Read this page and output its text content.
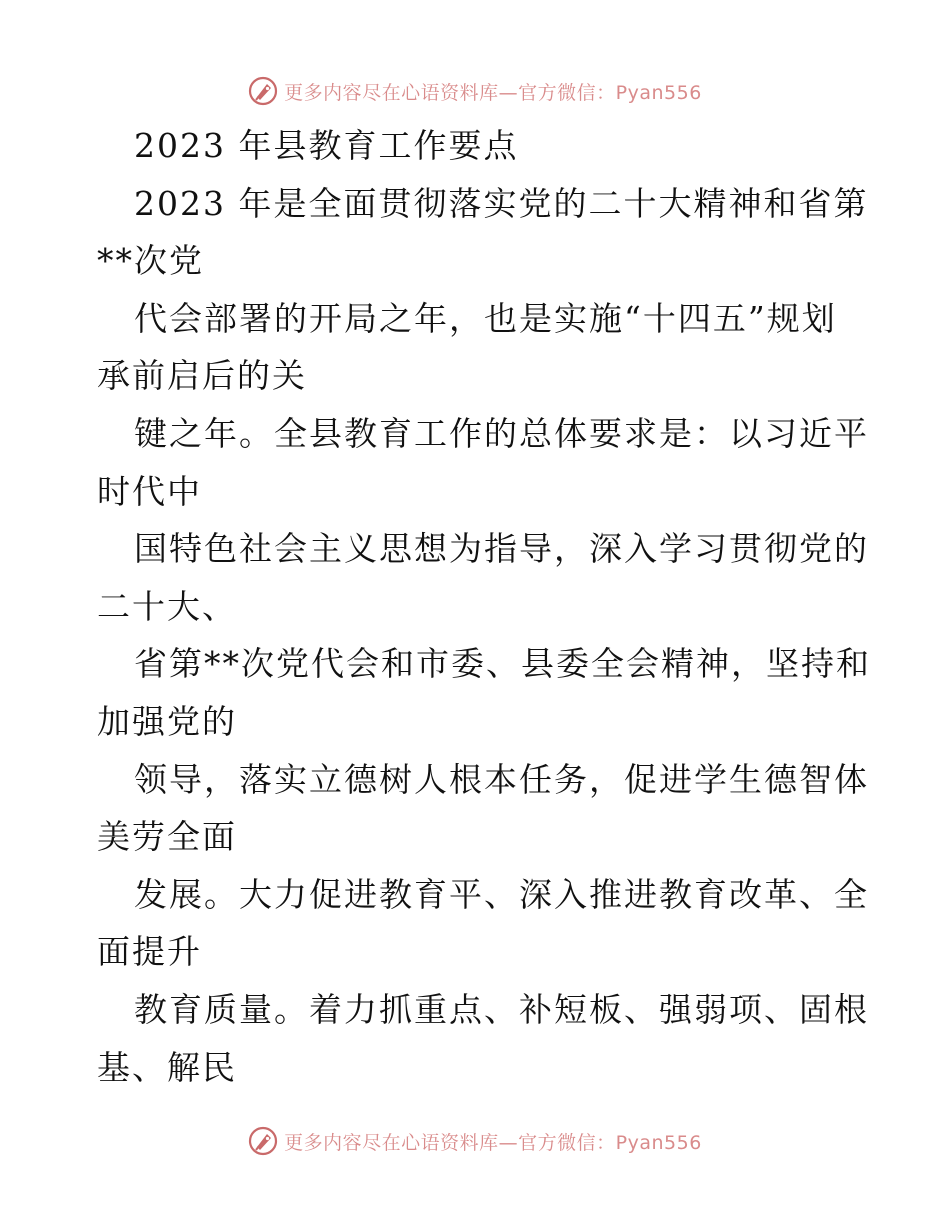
更多内容尽在心语资料库—官方微信：Pyan556
2023 年县教育工作要点
2023 年是全面贯彻落实党的二十大精神和省第
**次党
代会部署的开局之年，也是实施“十四五”规划
承前启后的关
键之年。全县教育工作的总体要求是：以习近平
时代中
国特色社会主义思想为指导，深入学习贯彻党的
二十大、
省第**次党代会和市委、县委全会精神，坚持和
加强党的
领导，落实立德树人根本任务，促进学生德智体
美劳全面
发展。大力促进教育平、深入推进教育改革、全
面提升
教育质量。着力抓重点、补短板、强弱项、固根
基、解民
更多内容尽在心语资料库—官方微信：Pyan556
